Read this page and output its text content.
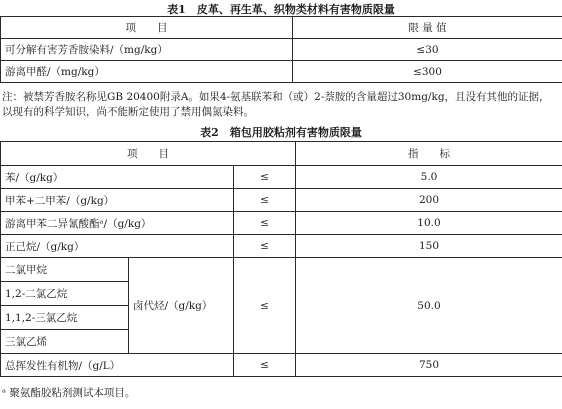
表1　皮革、再生革、织物类材料有害物质限量
项　　目	限 量 值
可分解有害芳香胺染料/（mg/kg）	≤30
游离甲醛/（mg/kg）	≤300
注：被禁芳香胺名称见GB 20400附录A。如果4-氨基联苯和（或）2-萘胺的含量超过30mg/kg，且没有其他的证据，以现有的科学知识，尚不能断定使用了禁用偶氮染料。
表2　箱包用胶粘剂有害物质限量
项　　目			指　　标
苯/（g/kg）		≤	5.0
甲苯+二甲苯/（g/kg）		≤	200
游离甲苯二异氰酸酯ᵃ/（g/kg）		≤	10.0
正己烷/（g/kg）		≤	150
二氯甲烷	卤代烃/（g/kg）	≤	50.0
1,2-二氯乙烷			
1,1,2-三氯乙烷			
三氯乙烯			
总挥发性有机物/（g/L）		≤	750
ᵃ 聚氨酯胶粘剂测试本项目。
